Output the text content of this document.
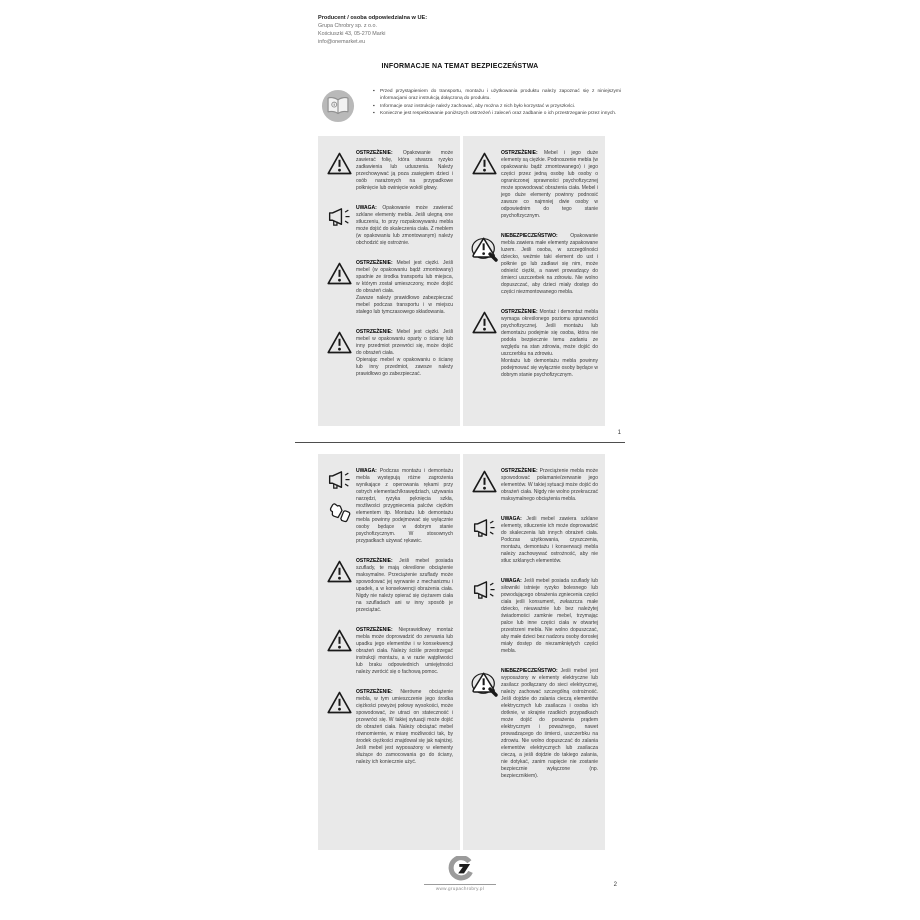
Producent / osoba odpowiedzialna w UE:
Grupa Chrobry sp. z o.o.
Kościuszki 43, 05-270 Marki
info@onemarket.eu
INFORMACJE NA TEMAT BEZPIECZEŃSTWA
▪ Przed przystąpieniem do transportu, montażu i użytkowania produktu należy zapoznać się z niniejszymi informacjami oraz instrukcją dołączoną do produktu.
▪ Informacje oraz instrukcje należy zachować, aby można z nich było korzystać w przyszłości.
▪ Konieczne jest respektowanie poniższych ostrzeżeń i zaleceń oraz zadbanie o ich przestrzeganie przez innych.
OSTRZEŻENIE: Opakowanie może zawierać folię, która stwarza ryzyko zadławienia lub uduszenia. Należy przechowywać ją poza zasięgiem dzieci i osób narażonych na przypadkowe połknięcie lub owinięcie wokół głowy.
UWAGA: Opakowanie może zawierać szklane elementy mebla. Jeśli ulegną one stłuczeniu, to przy rozpakowywaniu mebla może dojść do skaleczenia ciała. Z meblem (w opakowaniu lub zmontowanym) należy obchodzić się ostrożnie.
OSTRZEŻENIE: Mebel jest ciężki. Jeśli mebel (w opakowaniu bądź zmontowany) spadnie ze środka transportu lub miejsca, w którym został umieszczony, może dojść do obrażeń ciała.
Zawsze należy prawidłowo zabezpieczać mebel podczas transportu i w miejscu stałego lub tymczasowego składowania.
OSTRZEŻENIE: Mebel jest ciężki. Jeśli mebel w opakowaniu oparty o ścianę lub inny przedmiot przewróci się, może dojść do obrażeń ciała.
Opierając mebel w opakowaniu o ścianę lub inny przedmiot, zawsze należy prawidłowo go zabezpieczać.
OSTRZEŻENIE: Mebel i jego duże elementy są ciężkie. Podnoszenie mebla (w opakowaniu bądź zmontowanego) i jego części przez jedną osobę lub osoby o ograniczonej sprawności psychofizycznej może spowodować obrażenia ciała. Mebel i jego duże elementy powinny podnosić zawsze co najmniej dwie osoby w odpowiednim do tego stanie psychofizycznym.
NIEBEZPIECZEŃSTWO: Opakowanie mebla zawiera małe elementy zapakowane luzem. Jeśli osoba, w szczególności dziecko, weźmie taki element do ust i połknie go lub zadławi się nim, może odnieść ciężki, a nawet prowadzący do śmierci uszczerbek na zdrowiu. Nie wolno dopuszczać, aby dzieci miały dostęp do części niezmontowanego mebla.
OSTRZEŻENIE: Montaż i demontaż mebla wymaga określonego poziomu sprawności psychofizycznej. Jeśli montażu lub demontażu podejmie się osoba, która nie podoła bezpiecznie temu zadaniu ze względu na stan zdrowia, może dojść do uszczerbku na zdrowiu.
Montażu lub demontażu mebla powinny podejmować się wyłącznie osoby będące w dobrym stanie psychofizycznym.
1
UWAGA: Podczas montażu i demontażu mebla występują różne zagrożenia wynikające z operowania rękami przy ostrych elementach/krawędziach, używania narzędzi, ryzyka pęknięcia szkła, możliwości przygniecenia palców ciężkim elementem itp. Montażu lub demontażu mebla powinny podejmować się wyłącznie osoby będące w dobrym stanie psychofizycznym. W stosownych przypadkach używać rękawic.
OSTRZEŻENIE: Jeśli mebel posiada szuflady, te mają określone obciążenie maksymalne. Przeciążenie szuflady może spowodować jej wyrwanie z mechanizmu i upadek, a w konsekwencji obrażenia ciała. Nigdy nie należy opierać się ciężarem ciała na szufladach ani w inny sposób je przeciążać.
OSTRZEŻENIE: Nieprawidłowy montaż mebla może doprowadzić do zerwania lub upadku jego elementów i w konsekwencji obrażeń ciała. Należy ściśle przestrzegać instrukcji montażu, a w razie wątpliwości lub braku odpowiednich umiejętności należy zwrócić się o fachową pomoc.
OSTRZEŻENIE: Nierówne obciążenie mebla, w tym umieszczenie jego środka ciężkości powyżej połowy wysokości, może spowodować, że utraci on stateczność i przewróci się. W takiej sytuacji może dojść do obrażeń ciała. Należy obciążać mebel równomiernie, w miarę możliwości tak, by środek ciężkości znajdował się jak najniżej. Jeśli mebel jest wyposażony w elementy służące do zamocowania go do ściany, należy ich koniecznie użyć.
OSTRZEŻENIE: Przeciążenie mebla może spowodować połamanie/zerwanie jego elementów. W takiej sytuacji może dojść do obrażeń ciała. Nigdy nie wolno przekraczać maksymalnego obciążenia mebla.
UWAGA: Jeśli mebel zawiera szklane elementy, stłuczenie ich może doprowadzić do skaleczenia lub innych obrażeń ciała. Podczas użytkowania, czyszczenia, montażu, demontażu i konserwacji mebla należy zachowywać ostrożność, aby nie stłuc szklanych elementów.
UWAGA: Jeśli mebel posiada szuflady lub siłowniki istnieje ryzyko bolesnego lub powodującego obrażenia zgniecenia części ciała jeśli konsument, zwłaszcza małe dziecko, nieuważnie lub bez należytej świadomości zamknie mebel, trzymając palce lub inne części ciała w otwartej przestrzeni mebla. Nie wolno dopuszczać, aby małe dzieci bez nadzoru osoby dorosłej miały dostęp do niezamkniętych części mebla.
NIEBEZPIECZEŃSTWO: Jeśli mebel jest wyposażony w elementy elektryczne lub zasilacz podłączany do sieci elektrycznej, należy zachować szczególną ostrożność. Jeśli dojdzie do zalania cieczą elementów elektrycznych lub zasilacza i osoba ich dotknie, w skrajnie rzadkich przypadkach może dojść do porażenia prądem elektrycznym i poważnego, nawet prowadzącego do śmierci, uszczerbku na zdrowiu. Nie wolno dopuszczać do zalania elementów elektrycznych lub zasilacza cieczą, a jeśli dojdzie do takiego zalania, nie dotykać, zanim napięcie nie zostanie bezpiecznie wyłączone (np. bezpiecznikiem).
www.grupachrobry.pl
2
